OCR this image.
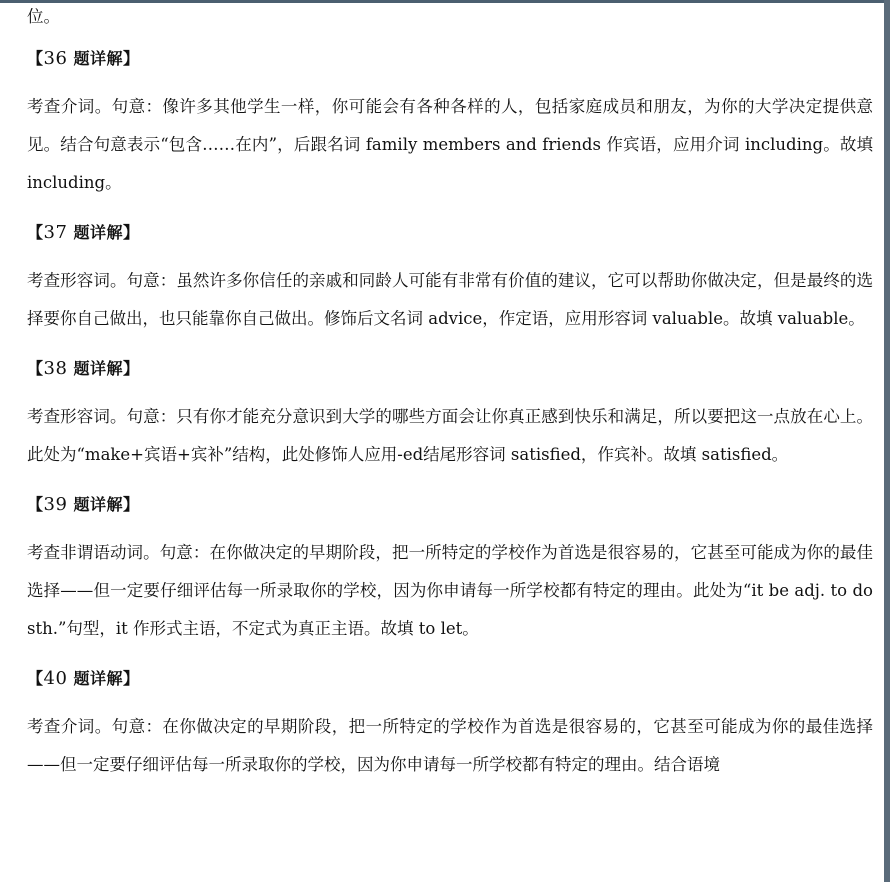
位。

【36 题详解】

考查介词。句意：像许多其他学生一样，你可能会有各种各样的人，包括家庭成员和朋友，为你的大学决定提供意见。结合句意表示“包含……在内”，后跟名词 family members and friends 作宾语，应用介词 including。故填 including。

【37 题详解】

考查形容词。句意：虽然许多你信任的亲戚和同龄人可能有非常有价值的建议，它可以帮助你做决定，但是最终的选择要你自己做出，也只能靠你自己做出。修饰后文名词 advice，作定语，应用形容词 valuable。故填 valuable。

【38 题详解】

考查形容词。句意：只有你才能充分意识到大学的哪些方面会让你真正感到快乐和满足，所以要把这一点放在心上。此处为“make+宾语+宾补”结构，此处修饰人应用-ed结尾形容词 satisfied，作宾补。故填 satisfied。

【39 题详解】

考查非谓语动词。句意：在你做决定的早期阶段，把一所特定的学校作为首选是很容易的，它甚至可能成为你的最佳选择——但一定要仔细评估每一所录取你的学校，因为你申请每一所学校都有特定的理由。此处为“it be adj. to do sth.”句型，it 作形式主语，不定式为真正主语。故填 to let。

【40 题详解】

考查介词。句意：在你做决定的早期阶段，把一所特定的学校作为首选是很容易的，它甚至可能成为你的最佳选择——但一定要仔细评估每一所录取你的学校，因为你申请每一所学校都有特定的理由。结合语境
